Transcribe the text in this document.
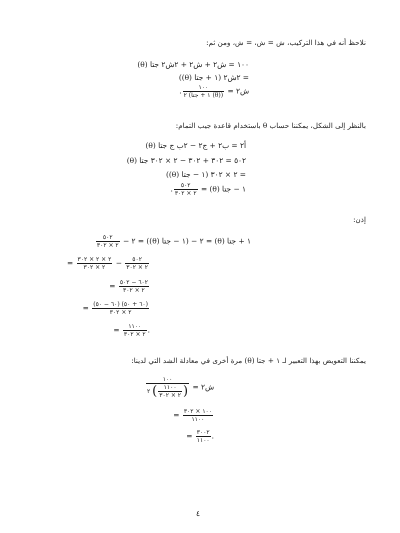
نلاحظ أنه في هذا التركيب، ش = ش، = ش، ومن ثم:
١٠٠ = ش٢ + ش٢ + ٢ش٢ جتا (θ)
= ٢ش٢ (١ + جتا (θ))
ش٢ =
$\frac{١٠٠}{\text{٢ (١ + جتا (θ))}}$
.
بالنظر إلى الشكل، يمكننا حساب θ باستخدام قاعدة جيب التمام:
أ٢ = ب٢ + ج٢ − ٢ب ج جتا (θ)
٥٠٢ = ٣٠٢ + ٣٠٢ − ٢ × ٣٠٢ جتا (θ)
= ٢ × ٣٠٢ (١ − جتا (θ))
١ − جتا (θ) =
$\frac{٥٠٢}{٢ \times ٣٠٢}$
.
إذن:
١ + جتا (θ) = ٢ − (١ − جتا (θ)) = ٢ −
$\frac{٥٠٢}{٢ \times ٣٠٢}$
= $\frac{٢ \times ٢ \times ٣٠٢}{٢ \times ٣٠٢} - \frac{٥٠٢}{٢ \times ٣٠٢}$
= $\frac{٦٠٢ - ٥٠٢}{٢ \times ٣٠٢}$
= $\frac{(٦٠ - ٥٠) (٦٠ + ٥٠)}{٢ \times ٣٠٢}$
= $\frac{١١٠٠}{٢ \times ٣٠٢}$ .
يمكننا التعويض بهذا التعبير لـ ١ + جتا (θ) مرة أخرى في معادلة الشد التي لدينا:
ش٢ =
$\frac{١٠٠}{٢ ( \frac{١١٠٠}{٢ \times ٣٠٢} )}$
= $\frac{١٠٠ \times ٣٠٢}{١١٠٠}$
= $\frac{٣٠٠٢}{١١٠٠}$ .
٤
